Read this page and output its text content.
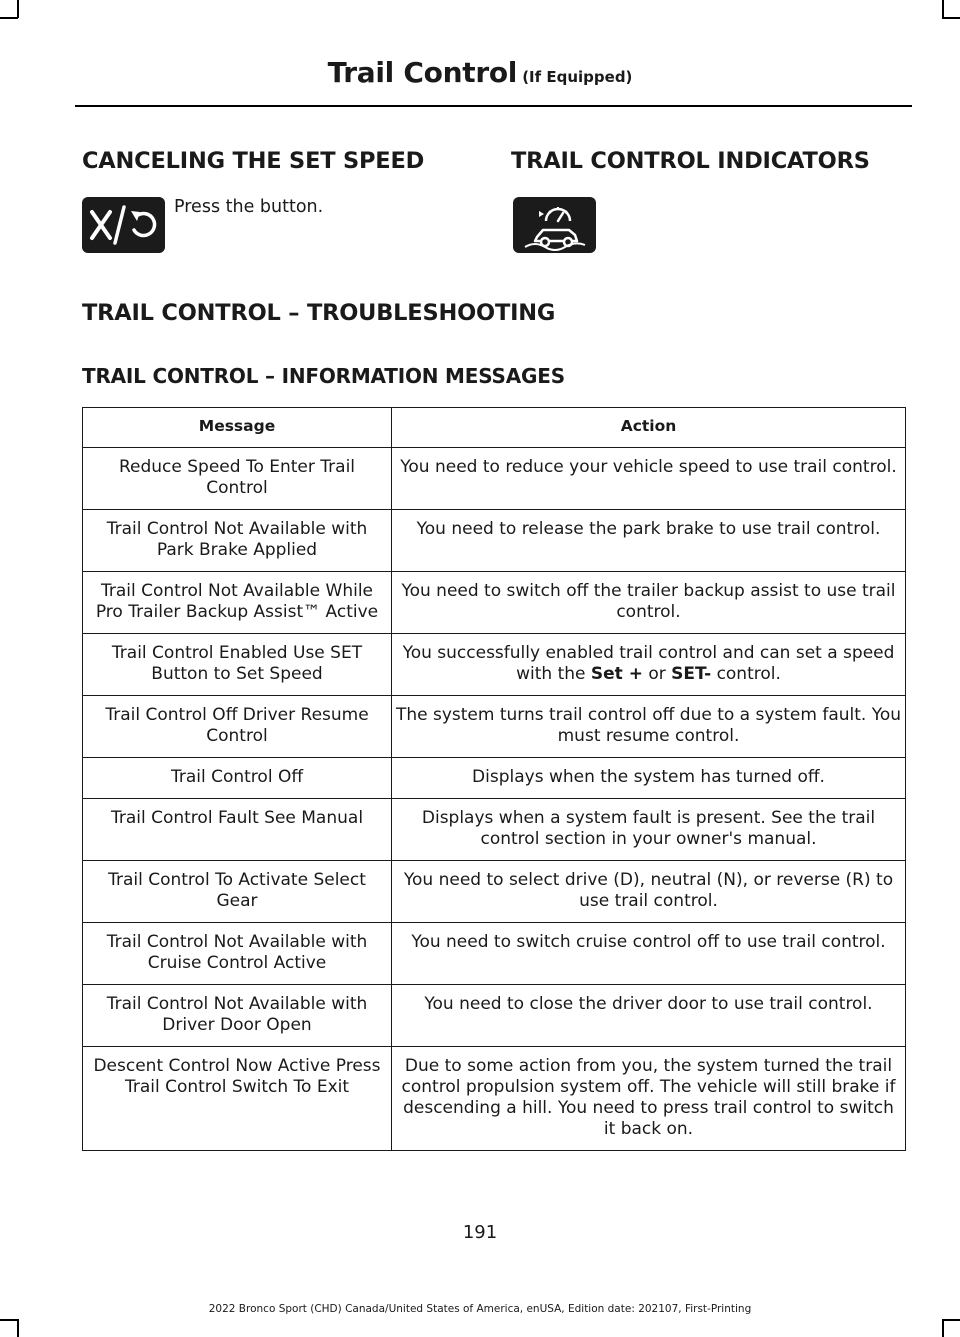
Trail Control (If Equipped)
CANCELING THE SET SPEED
Press the button.
TRAIL CONTROL INDICATORS
TRAIL CONTROL – TROUBLESHOOTING
TRAIL CONTROL – INFORMATION MESSAGES
Message	Action
Reduce Speed To Enter Trail Control	You need to reduce your vehicle speed to use trail control.
Trail Control Not Available with Park Brake Applied	You need to release the park brake to use trail control.
Trail Control Not Available While Pro Trailer Backup Assist™ Active	You need to switch off the trailer backup assist to use trail control.
Trail Control Enabled Use SET Button to Set Speed	You successfully enabled trail control and can set a speed with the Set + or SET- control.
Trail Control Off Driver Resume Control	The system turns trail control off due to a system fault. You must resume control.
Trail Control Off	Displays when the system has turned off.
Trail Control Fault See Manual	Displays when a system fault is present. See the trail control section in your owner's manual.
Trail Control To Activate Select Gear	You need to select drive (D), neutral (N), or reverse (R) to use trail control.
Trail Control Not Available with Cruise Control Active	You need to switch cruise control off to use trail control.
Trail Control Not Available with Driver Door Open	You need to close the driver door to use trail control.
Descent Control Now Active Press Trail Control Switch To Exit	Due to some action from you, the system turned the trail control propulsion system off. The vehicle will still brake if descending a hill. You need to press trail control to switch it back on.
191
2022 Bronco Sport (CHD) Canada/United States of America, enUSA, Edition date: 202107, First-Printing
